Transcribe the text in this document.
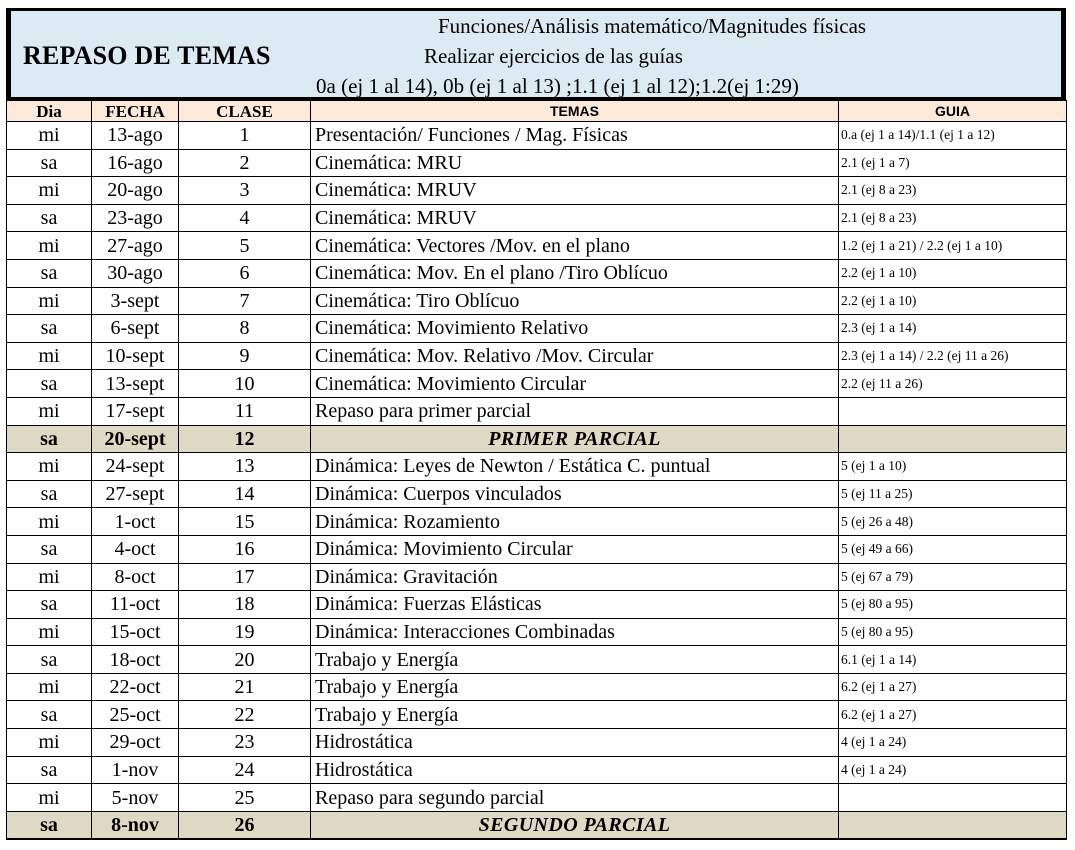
REPASO DE TEMAS
Funciones/Análisis matemático/Magnitudes físicas
Realizar ejercicios de las guías
0a (ej 1 al 14), 0b (ej 1 al 13) ;1.1 (ej 1 al 12);1.2(ej 1:29)
Dia	FECHA	CLASE	TEMAS	GUIA
mi	13-ago	1	Presentación/ Funciones / Mag. Físicas	0.a (ej 1 a 14)/1.1 (ej 1 a 12)
sa	16-ago	2	Cinemática: MRU	2.1 (ej 1 a 7)
mi	20-ago	3	Cinemática: MRUV	2.1 (ej 8 a 23)
sa	23-ago	4	Cinemática: MRUV	2.1 (ej 8 a 23)
mi	27-ago	5	Cinemática: Vectores /Mov. en el plano	1.2 (ej 1 a 21) / 2.2 (ej 1 a 10)
sa	30-ago	6	Cinemática: Mov. En el plano /Tiro Oblícuo	2.2 (ej 1 a 10)
mi	3-sept	7	Cinemática: Tiro Oblícuo	2.2 (ej 1 a 10)
sa	6-sept	8	Cinemática: Movimiento Relativo	2.3 (ej 1 a 14)
mi	10-sept	9	Cinemática: Mov. Relativo /Mov. Circular	2.3 (ej 1 a 14) / 2.2 (ej 11 a 26)
sa	13-sept	10	Cinemática: Movimiento Circular	2.2 (ej 11 a 26)
mi	17-sept	11	Repaso para primer parcial	
sa	20-sept	12	PRIMER PARCIAL	
mi	24-sept	13	Dinámica: Leyes de Newton / Estática C. puntual	5 (ej 1 a 10)
sa	27-sept	14	Dinámica: Cuerpos vinculados	5 (ej 11 a 25)
mi	1-oct	15	Dinámica: Rozamiento	5 (ej 26 a 48)
sa	4-oct	16	Dinámica: Movimiento Circular	5 (ej 49 a 66)
mi	8-oct	17	Dinámica: Gravitación	5 (ej 67 a 79)
sa	11-oct	18	Dinámica: Fuerzas Elásticas	5 (ej 80 a 95)
mi	15-oct	19	Dinámica: Interacciones Combinadas	5 (ej 80 a 95)
sa	18-oct	20	Trabajo y Energía	6.1 (ej 1 a 14)
mi	22-oct	21	Trabajo y Energía	6.2 (ej 1 a 27)
sa	25-oct	22	Trabajo y Energía	6.2 (ej 1 a 27)
mi	29-oct	23	Hidrostática	4 (ej 1 a 24)
sa	1-nov	24	Hidrostática	4 (ej 1 a 24)
mi	5-nov	25	Repaso para segundo parcial	
sa	8-nov	26	SEGUNDO PARCIAL	
